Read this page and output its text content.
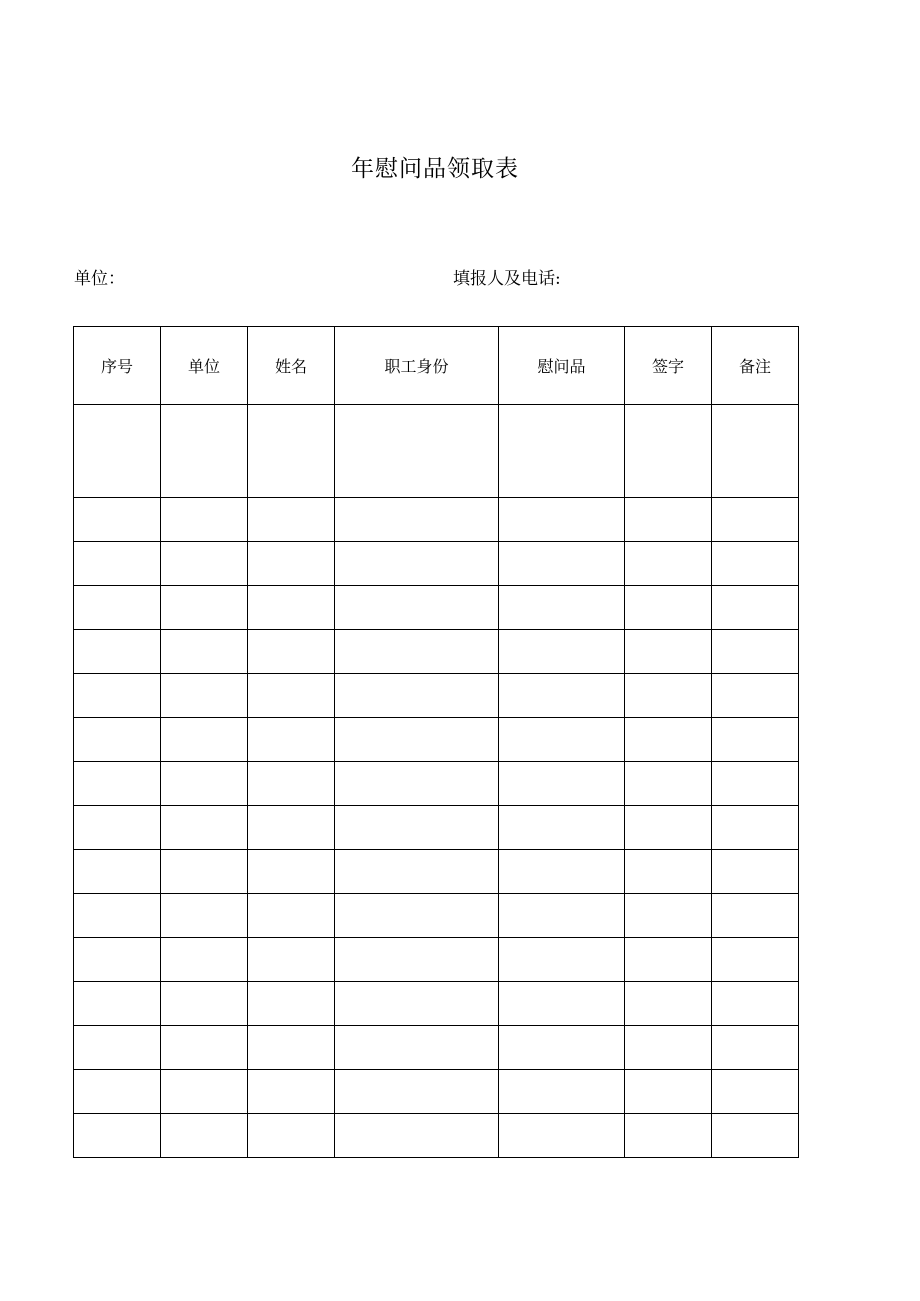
年慰问品领取表
单位：	填报人及电话:
序号	单位	姓名	职工身份	慰问品	签字	备注
